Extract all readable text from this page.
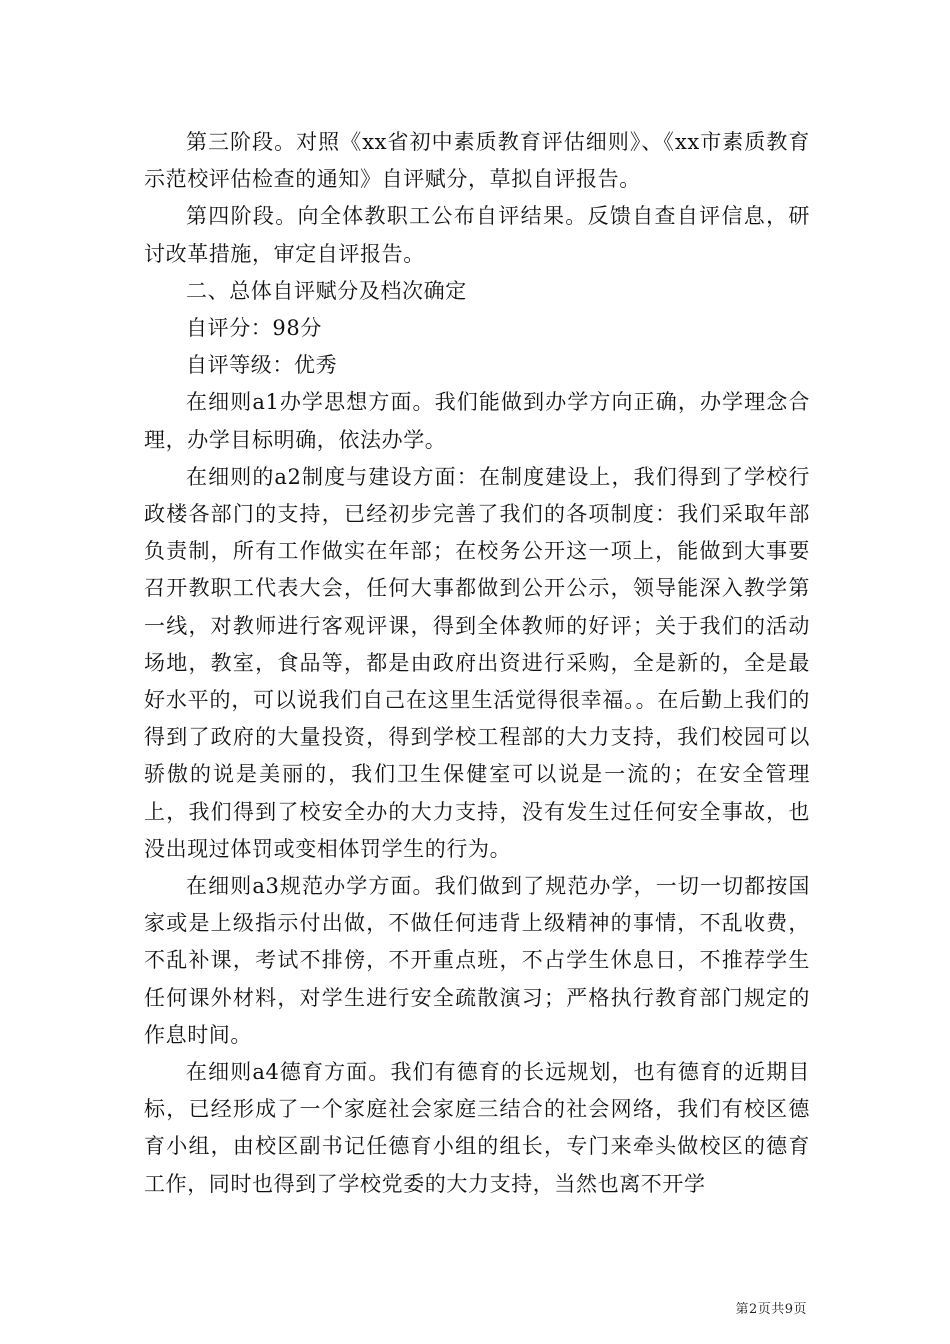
第三阶段。对照《xx省初中素质教育评估细则》、《xx市素质教育示范校评估检查的通知》自评赋分，草拟自评报告。

第四阶段。向全体教职工公布自评结果。反馈自查自评信息，研讨改革措施，审定自评报告。

二、总体自评赋分及档次确定

自评分：98分

自评等级：优秀

在细则a1办学思想方面。我们能做到办学方向正确，办学理念合理，办学目标明确，依法办学。

在细则的a2制度与建设方面：在制度建设上，我们得到了学校行政楼各部门的支持，已经初步完善了我们的各项制度：我们采取年部负责制，所有工作做实在年部；在校务公开这一项上，能做到大事要召开教职工代表大会，任何大事都做到公开公示，领导能深入教学第一线，对教师进行客观评课，得到全体教师的好评；关于我们的活动场地，教室，食品等，都是由政府出资进行采购，全是新的，全是最好水平的，可以说我们自己在这里生活觉得很幸福。。在后勤上我们的得到了政府的大量投资，得到学校工程部的大力支持，我们校园可以骄傲的说是美丽的，我们卫生保健室可以说是一流的；在安全管理上，我们得到了校安全办的大力支持，没有发生过任何安全事故，也没出现过体罚或变相体罚学生的行为。

在细则a3规范办学方面。我们做到了规范办学，一切一切都按国家或是上级指示付出做，不做任何违背上级精神的事情，不乱收费，不乱补课，考试不排傍，不开重点班，不占学生休息日，不推荐学生任何课外材料，对学生进行安全疏散演习；严格执行教育部门规定的作息时间。

在细则a4德育方面。我们有德育的长远规划，也有德育的近期目标，已经形成了一个家庭社会家庭三结合的社会网络，我们有校区德育小组，由校区副书记任德育小组的组长，专门来牵头做校区的德育工作，同时也得到了学校党委的大力支持，当然也离不开学

第2页共9页
